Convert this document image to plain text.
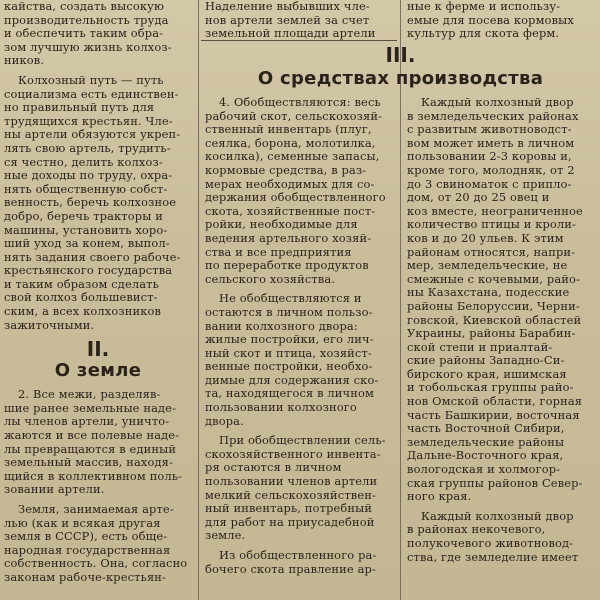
кайства, создать высокую
производительность труда
и обеспечить таким обра-
зом лучшую жизнь колхоз-
ников.

Колхозный путь — путь
социализма есть единствен-
но правильный путь для
трудящихся крестьян. Чле-
ны артели обязуются укреп-
лять свою артель, трудить-
ся честно, делить колхоз-
ные доходы по труду, охра-
нять общественную собст-
венность, беречь колхозное
добро, беречь тракторы и
машины, установить хоро-
ший уход за конем, выпол-
нять задания своего рабоче-
крестьянского государства
и таким образом сделать
свой колхоз большевист-
ским, а всех колхозников
зажиточными.

II.
О земле

2. Все межи, разделяв-
шие ранее земельные наде-
лы членов артели, уничто-
жаются и все полевые наде-
лы превращаются в единый
земельный массив, находя-
щийся в коллективном поль-
зовании артели.

Земля, занимаемая арте-
лью (как и всякая другая
земля в СССР), есть обще-
народная государственная
собственность. Она, согласно
законам рабоче-крестьян-

Наделение выбывших чле-
нов артели землей за счет
земельной площади артели

4. Обобществляются: весь
рабочий скот, сельскохозяй-
ственный инвентарь (плуг,
сеялка, борона, молотилка,
косилка), семенные запасы,
кормовые средства, в раз-
мерах необходимых для со-
держания обобществленного
скота, хозяйственные пост-
ройки, необходимые для
ведения артельного хозяй-
ства и все предприятия
по переработке продуктов
сельского хозяйства.

Не обобществляются и
остаются в личном пользо-
вании колхозного двора:
жилые постройки, его лич-
ный скот и птица, хозяйст-
венные постройки, необхо-
димые для содержания ско-
та, находящегося в личном
пользовании колхозного
двора.

При обобществлении сель-
скохозяйственного инвента-
ря остаются в личном
пользовании членов артели
мелкий сельскохозяйствен-
ный инвентарь, потребный
для работ на приусадебной
земле.

Из обобществленного ра-
бочего скота правление ар-

ные к ферме и использу-
емые для посева кормовых
культур для скота ферм.

Каждый колхозный двор
в земледельческих районах
с развитым животноводст-
вом может иметь в личном
пользовании 2-3 коровы и,
кроме того, молодняк, от 2
до 3 свиноматок с припло-
дом, от 20 до 25 овец и
коз вместе, неограниченное
количество птицы и кроли-
ков и до 20 ульев. К этим
районам относятся, напри-
мер, земледельческие, не
смежные с кочевыми, райо-
ны Казахстана, подесские
районы Белоруссии, Черни-
говской, Киевской областей
Украины, районы Барабин-
ской степи и приалтай-
ские районы Западно-Си-
бирского края, ишимская
и тобольская группы райо-
нов Омской области, горная
часть Башкирии, восточная
часть Восточной Сибири,
земледельческие районы
Дальне-Восточного края,
вологодская и холмогор-
ская группы районов Север-
ного края.

Каждый колхозный двор
в районах некочевого,
полукочевого животновод-
ства, где земледелие имеет

III.
О средствах производства
